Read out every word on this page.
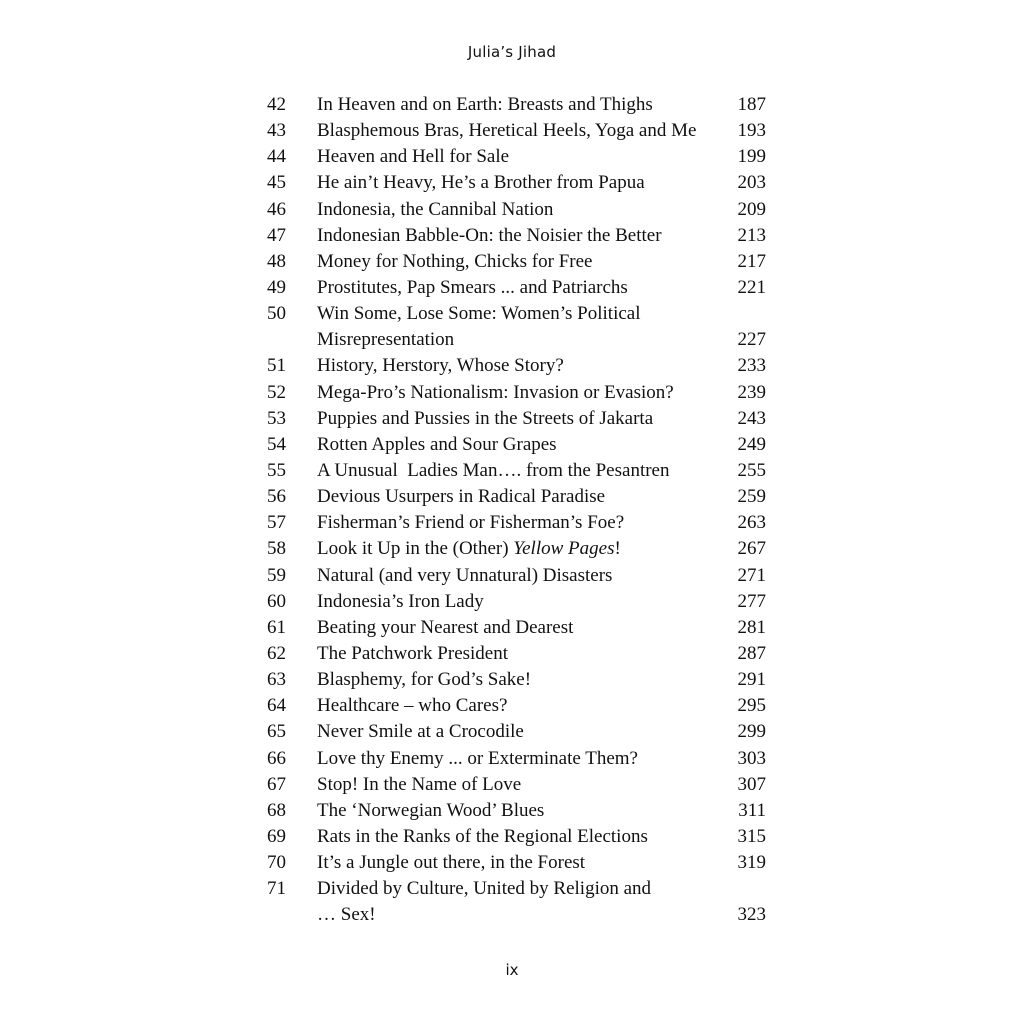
Julia’s Jihad
42	In Heaven and on Earth: Breasts and Thighs	187
43	Blasphemous Bras, Heretical Heels, Yoga and Me 193
44	Heaven and Hell for Sale	199
45	He ain’t Heavy, He’s a Brother from Papua	203
46	Indonesia, the Cannibal Nation	209
47	Indonesian Babble-On: the Noisier the Better	213
48	Money for Nothing, Chicks for Free	217
49	Prostitutes, Pap Smears ... and Patriarchs	221
50	Win Some, Lose Some: Women’s Political
Misrepresentation	227
51	History, Herstory, Whose Story?	233
52	Mega-Pro’s Nationalism: Invasion or Evasion?	239
53	Puppies and Pussies in the Streets of Jakarta	243
54	Rotten Apples and Sour Grapes	249
55	A Unusual  Ladies Man…. from the Pesantren	255
56	Devious Usurpers in Radical Paradise	259
57	Fisherman’s Friend or Fisherman’s Foe?	263
58	Look it Up in the (Other) Yellow Pages!	267
59	Natural (and very Unnatural) Disasters	271
60	Indonesia’s Iron Lady	277
61	Beating your Nearest and Dearest	281
62	The Patchwork President	287
63	Blasphemy, for God’s Sake!	291
64	Healthcare – who Cares?	295
65	Never Smile at a Crocodile	299
66	Love thy Enemy ... or Exterminate Them?	303
67	Stop! In the Name of Love	307
68	The ‘Norwegian Wood’ Blues	311
69	Rats in the Ranks of the Regional Elections	315
70	It’s a Jungle out there, in the Forest	319
71	Divided by Culture, United by Religion and
… Sex!	323
ix
